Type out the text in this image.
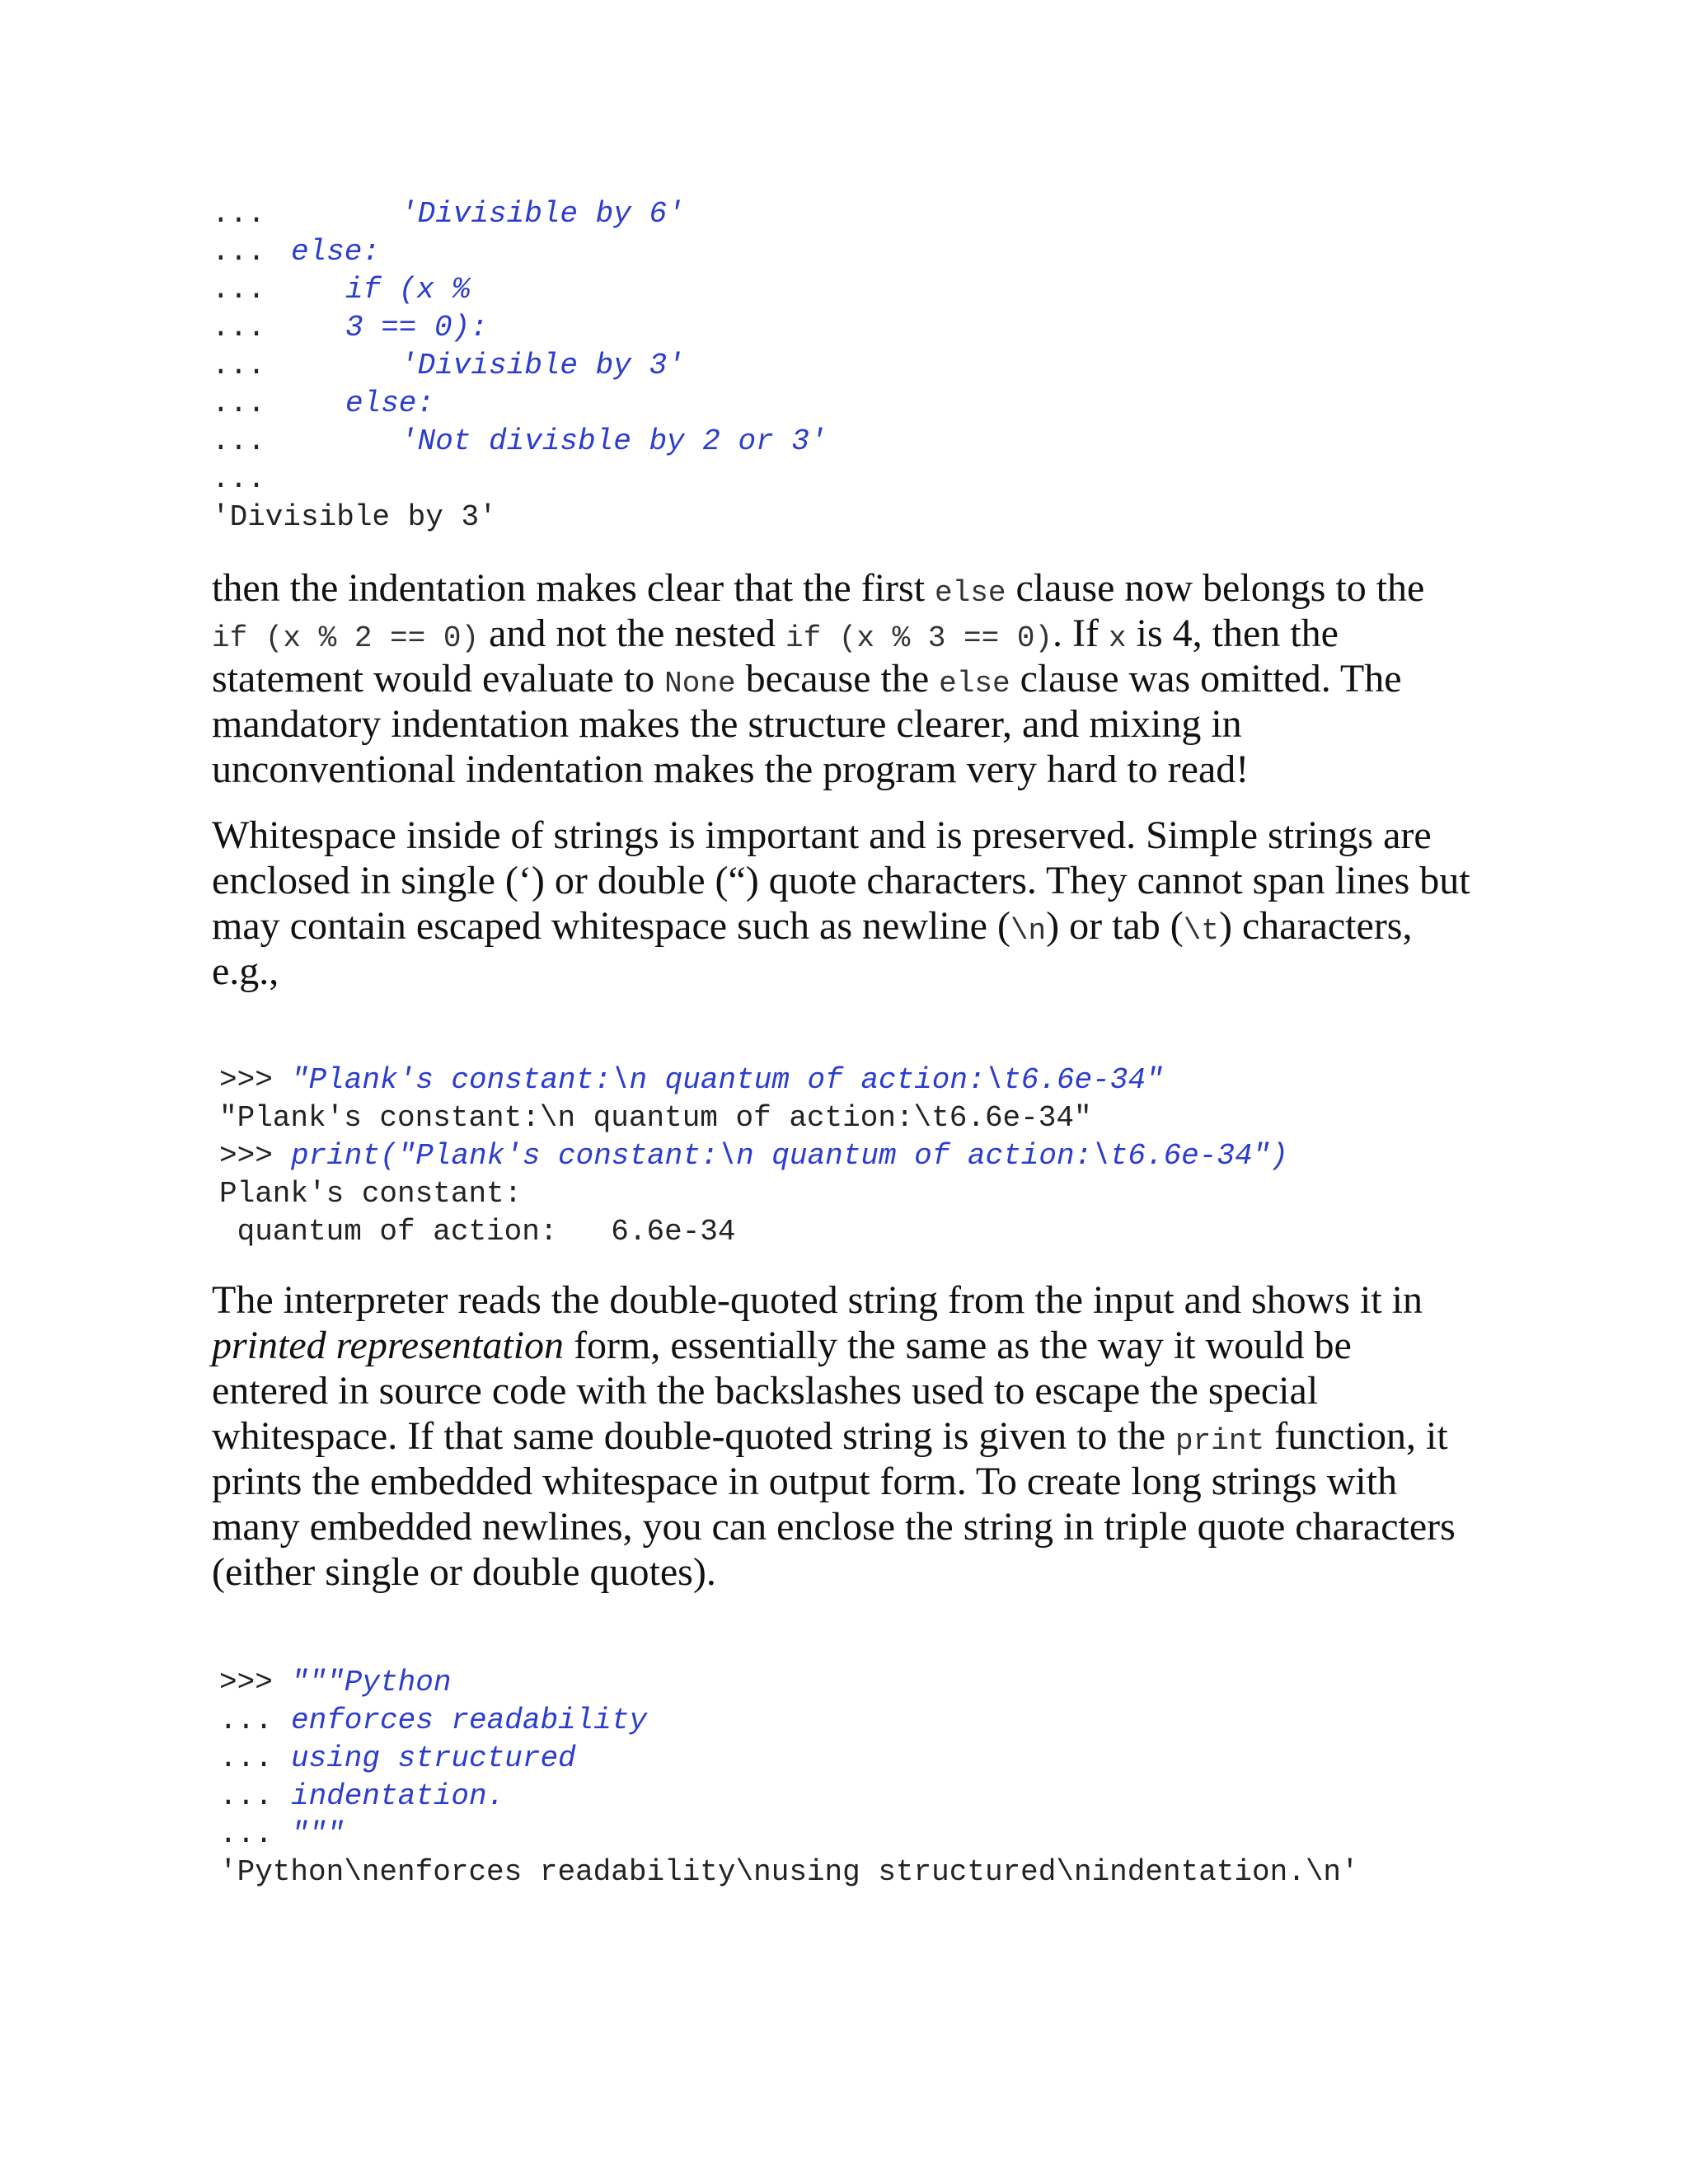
...

	'Divisible by 6'

...

else:

...

	if (x %

...

	3 == 0):

...

	'Divisible by 3'

...

	else:

...

	'Not divisble by 2 or 3'

...

'Divisible by 3'

then the indentation makes clear that the first else clause now belongs to the
if (x % 2 == 0) and not the nested if (x % 3 == 0). If x is 4, then the
statement would evaluate to None because the else clause was omitted. The
mandatory indentation makes the structure clearer, and mixing in
unconventional indentation makes the program very hard to read!
Whitespace inside of strings is important and is preserved. Simple strings are
enclosed in single (‘) or double (“) quote characters. They cannot span lines but
may contain escaped whitespace such as newline (\n) or tab (\t) characters,
e.g.,

>>>

"Plank's constant:\n quantum of action:\t6.6e-34"

"Plank's constant:\n quantum of action:\t6.6e-34"

>>>

print("Plank's constant:\n quantum of action:\t6.6e-34")

Plank's constant:

quantum of action:   6.6e-34

The interpreter reads the double-quoted string from the input and shows it in
printed representation form, essentially the same as the way it would be
entered in source code with the backslashes used to escape the special
whitespace. If that same double-quoted string is given to the print function, it
prints the embedded whitespace in output form. To create long strings with
many embedded newlines, you can enclose the string in triple quote characters
(either single or double quotes).

>>>

"""Python

...

enforces readability

...

using structured

...

indentation.

...

"""

'Python\nenforces readability\nusing structured\nindentation.\n'
